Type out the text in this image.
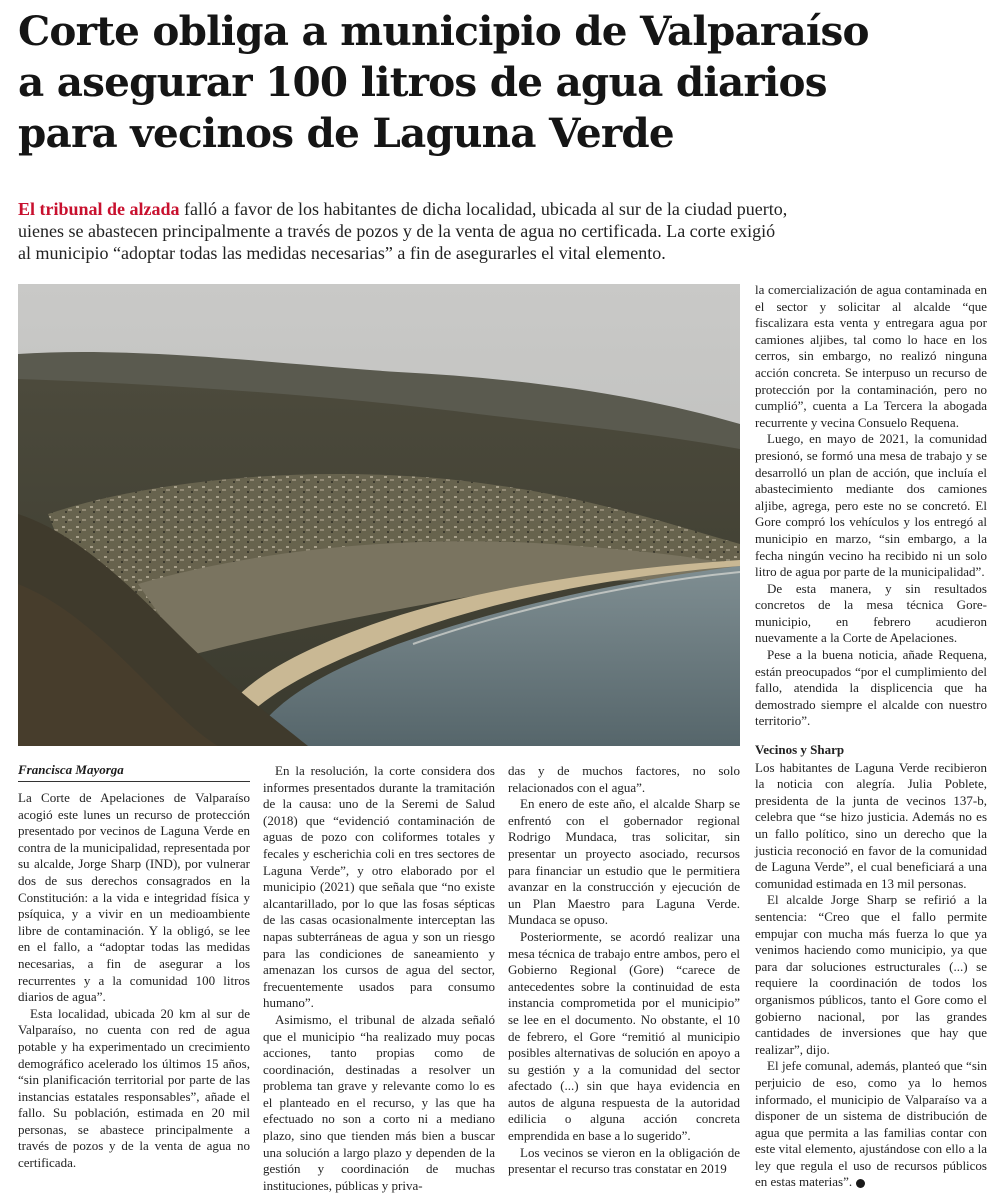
Corte obliga a municipio de Valparaíso
a asegurar 100 litros de agua diarios
para vecinos de Laguna Verde
El tribunal de alzada falló a favor de los habitantes de dicha localidad, ubicada al sur de la ciudad puerto,
uienes se abastecen principalmente a través de pozos y de la venta de agua no certificada. La corte exigió
al municipio “adoptar todas las medidas necesarias” a fin de asegurarles el vital elemento.
Francisca Mayorga

La Corte de Apelaciones de Valparaíso acogió este lunes un recurso de protección presentado por vecinos de Laguna Verde en contra de la municipalidad, representada por su alcalde, Jorge Sharp (IND), por vulnerar dos de sus derechos consagrados en la Constitución: a la vida e integridad física y psíquica, y a vivir en un medioambiente libre de contaminación. Y la obligó, se lee en el fallo, a “adoptar todas las medidas necesarias, a fin de asegurar a los recurrentes y a la comunidad 100 litros diarios de agua”.

Esta localidad, ubicada 20 km al sur de Valparaíso, no cuenta con red de agua potable y ha experimentado un crecimiento demográfico acelerado los últimos 15 años, “sin planificación territorial por parte de las instancias estatales responsables”, añade el fallo. Su población, estimada en 20 mil personas, se abastece principalmente a través de pozos y de la venta de agua no certificada.

En la resolución, la corte considera dos informes presentados durante la tramitación de la causa: uno de la Seremi de Salud (2018) que “evidenció contaminación de aguas de pozo con coliformes totales y fecales y escherichia coli en tres sectores de Laguna Verde”, y otro elaborado por el municipio (2021) que señala que “no existe alcantarillado, por lo que las fosas sépticas de las casas ocasionalmente interceptan las napas subterráneas de agua y son un riesgo para las condiciones de saneamiento y amenazan los cursos de agua del sector, frecuentemente usados para consumo humano”.

Asimismo, el tribunal de alzada señaló que el municipio “ha realizado muy pocas acciones, tanto propias como de coordinación, destinadas a resolver un problema tan grave y relevante como lo es el planteado en el recurso, y las que ha efectuado no son a corto ni a mediano plazo, sino que tienden más bien a buscar una solución a largo plazo y dependen de la gestión y coordinación de muchas instituciones, públicas y priva-

das y de muchos factores, no solo relacionados con el agua”.

En enero de este año, el alcalde Sharp se enfrentó con el gobernador regional Rodrigo Mundaca, tras solicitar, sin presentar un proyecto asociado, recursos para financiar un estudio que le permitiera avanzar en la construcción y ejecución de un Plan Maestro para Laguna Verde. Mundaca se opuso.

Posteriormente, se acordó realizar una mesa técnica de trabajo entre ambos, pero el Gobierno Regional (Gore) “carece de antecedentes sobre la continuidad de esta instancia comprometida por el municipio” se lee en el documento. No obstante, el 10 de febrero, el Gore “remitió al municipio posibles alternativas de solución en apoyo a su gestión y a la comunidad del sector afectado (...) sin que haya evidencia en autos de alguna respuesta de la autoridad edilicia o alguna acción concreta emprendida en base a lo sugerido”.

Los vecinos se vieron en la obligación de presentar el recurso tras constatar en 2019

la comercialización de agua contaminada en el sector y solicitar al alcalde “que fiscalizara esta venta y entregara agua por camiones aljibes, tal como lo hace en los cerros, sin embargo, no realizó ninguna acción concreta. Se interpuso un recurso de protección por la contaminación, pero no cumplió”, cuenta a La Tercera la abogada recurrente y vecina Consuelo Requena.

Luego, en mayo de 2021, la comunidad presionó, se formó una mesa de trabajo y se desarrolló un plan de acción, que incluía el abastecimiento mediante dos camiones aljibe, agrega, pero este no se concretó. El Gore compró los vehículos y los entregó al municipio en marzo, “sin embargo, a la fecha ningún vecino ha recibido ni un solo litro de agua por parte de la municipalidad”.

De esta manera, y sin resultados concretos de la mesa técnica Gore-municipio, en febrero acudieron nuevamente a la Corte de Apelaciones.

Pese a la buena noticia, añade Requena, están preocupados “por el cumplimiento del fallo, atendida la displicencia que ha demostrado siempre el alcalde con nuestro territorio”.

Vecinos y Sharp

Los habitantes de Laguna Verde recibieron la noticia con alegría. Julia Poblete, presidenta de la junta de vecinos 137-b, celebra que “se hizo justicia. Además no es un fallo político, sino un derecho que la justicia reconoció en favor de la comunidad de Laguna Verde”, el cual beneficiará a una comunidad estimada en 13 mil personas.

El alcalde Jorge Sharp se refirió a la sentencia: “Creo que el fallo permite empujar con mucha más fuerza lo que ya venimos haciendo como municipio, ya que para dar soluciones estructurales (...) se requiere la coordinación de todos los organismos públicos, tanto el Gore como el gobierno nacional, por las grandes cantidades de inversiones que hay que realizar”, dijo.

El jefe comunal, además, planteó que “sin perjuicio de eso, como ya lo hemos informado, el municipio de Valparaíso va a disponer de un sistema de distribución de agua que permita a las familias contar con este vital elemento, ajustándose con ello a la ley que regula el uso de recursos públicos en estas materias”.
